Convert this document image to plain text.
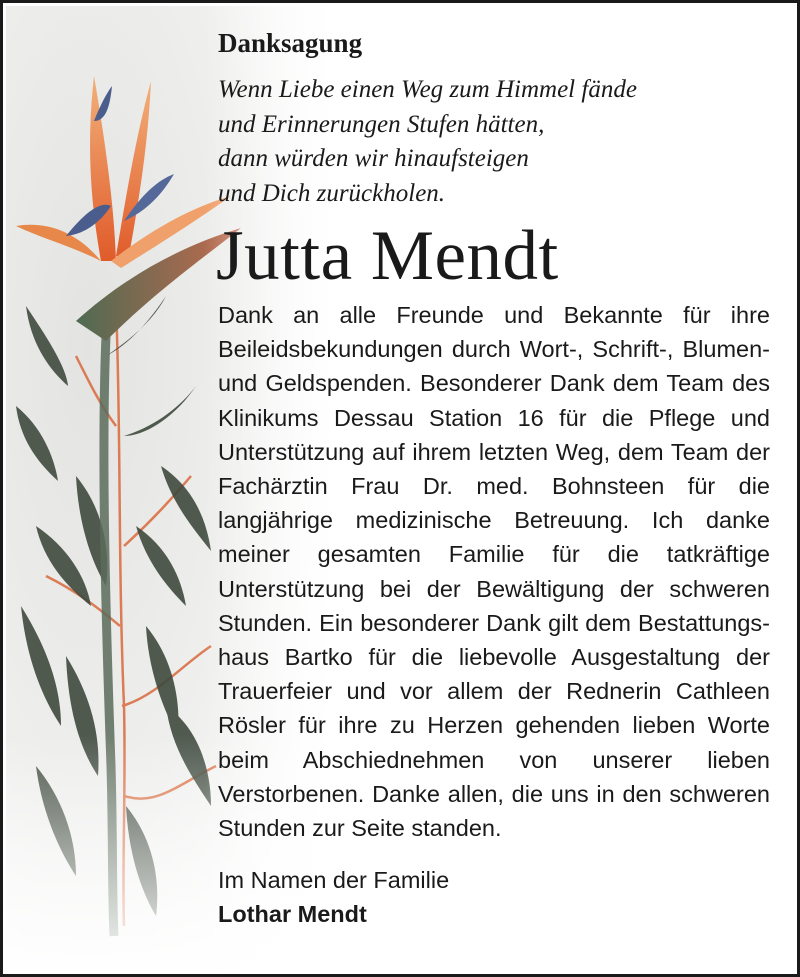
Danksagung
Wenn Liebe einen Weg zum Himmel fände
und Erinnerungen Stufen hätten,
dann würden wir hinaufsteigen
und Dich zurückholen.
Jutta Mendt
Dank an alle Freunde und Bekannte für ihre Beileidsbekundungen durch Wort-, Schrift-, Blumen- und Geldspenden. Besonderer Dank dem Team des Klinikums Dessau Station 16 für die Pflege und Unterstützung auf ihrem letzten Weg, dem Team der Fachärztin Frau Dr. med. Bohnsteen für die langjährige medizinische Betreuung. Ich danke meiner gesamten Familie für die tatkräftige Unterstützung bei der Bewältigung der schweren Stunden. Ein besonderer Dank gilt dem Bestattungshaus Bartko für die liebevolle Ausgestaltung der Trauerfeier und vor allem der Rednerin Cathleen Rösler für ihre zu Herzen gehenden lieben Worte beim Abschiednehmen von unserer lieben Verstorbenen. Danke allen, die uns in den schweren Stunden zur Seite standen.
Im Namen der Familie
Lothar Mendt
